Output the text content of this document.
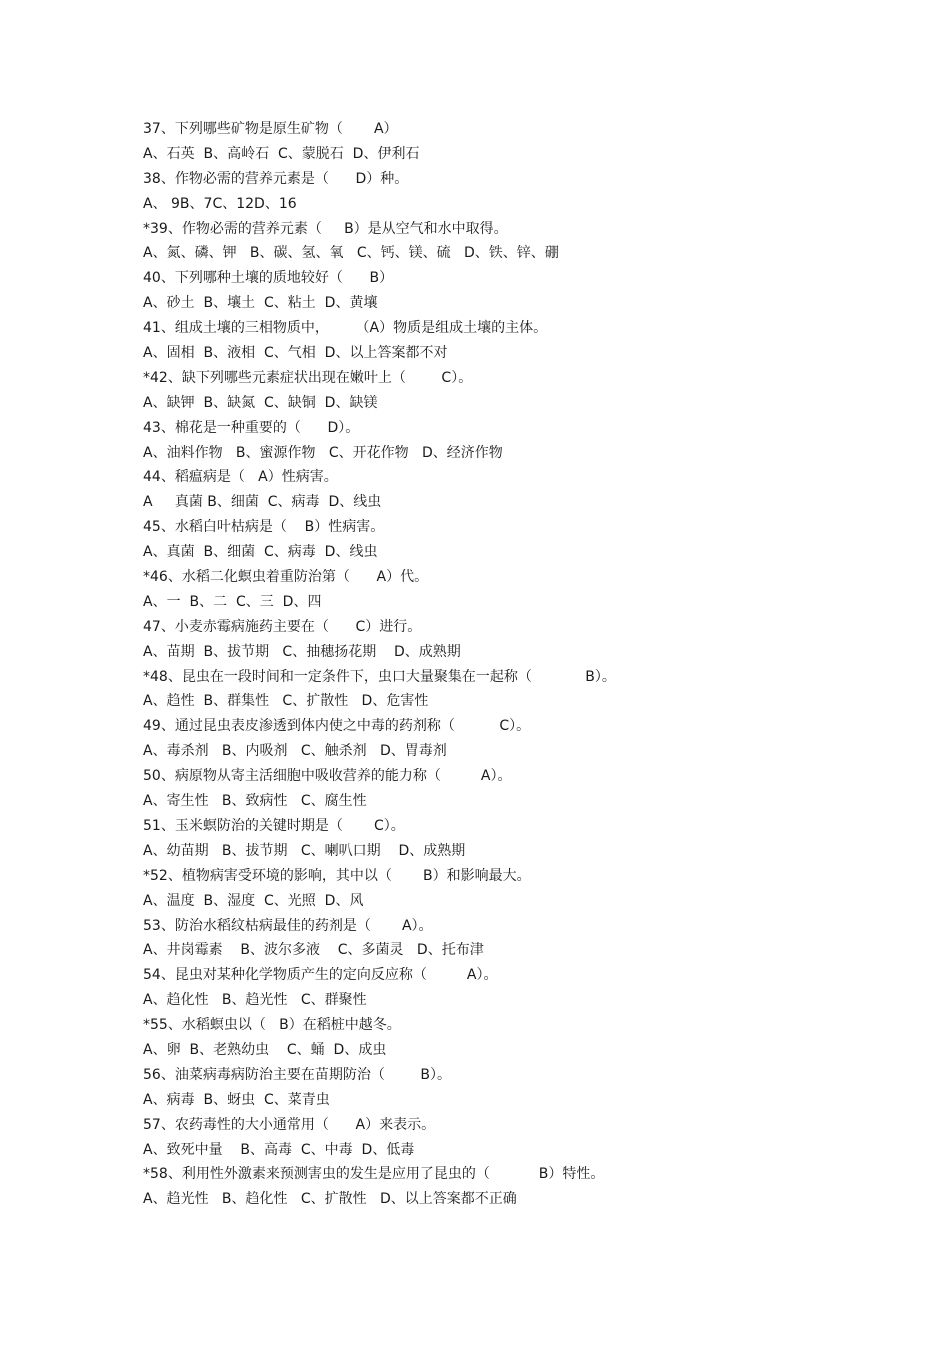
37、下列哪些矿物是原生矿物（       A）
A、石英  B、高岭石  C、蒙脱石  D、伊利石
38、作物必需的营养元素是（      D）种。
A、 9B、7C、12D、16
*39、作物必需的营养元素（     B）是从空气和水中取得。
A、氮、磷、钾   B、碳、氢、氧   C、钙、镁、硫   D、铁、锌、硼
40、下列哪种土壤的质地较好（      B）
A、砂土  B、壤土  C、粘土  D、黄壤
41、组成土壤的三相物质中，      （A）物质是组成土壤的主体。
A、固相  B、液相  C、气相  D、以上答案都不对
*42、缺下列哪些元素症状出现在嫩叶上（        C）。
A、缺钾  B、缺氮  C、缺铜  D、缺镁
43、棉花是一种重要的（      D）。
A、油料作物   B、蜜源作物   C、开花作物   D、经济作物
44、稻瘟病是（   A）性病害。
A     真菌 B、细菌  C、病毒  D、线虫
45、水稻白叶枯病是（    B）性病害。
A、真菌  B、细菌  C、病毒  D、线虫
*46、水稻二化螟虫着重防治第（      A）代。
A、一  B、二  C、三  D、四
47、小麦赤霉病施药主要在（      C）进行。
A、苗期  B、拔节期   C、抽穗扬花期    D、成熟期
*48、昆虫在一段时间和一定条件下，虫口大量聚集在一起称（            B）。
A、趋性  B、群集性   C、扩散性   D、危害性
49、通过昆虫表皮渗透到体内使之中毒的药剂称（          C）。
A、毒杀剂   B、内吸剂   C、触杀剂   D、胃毒剂
50、病原物从寄主活细胞中吸收营养的能力称（         A）。
A、寄生性   B、致病性   C、腐生性
51、玉米螟防治的关键时期是（       C）。
A、幼苗期   B、拔节期   C、喇叭口期    D、成熟期
*52、植物病害受环境的影响，其中以（       B）和影响最大。
A、温度  B、湿度  C、光照  D、风
53、防治水稻纹枯病最佳的药剂是（       A）。
A、井岗霉素    B、波尔多液    C、多菌灵   D、托布津
54、昆虫对某种化学物质产生的定向反应称（         A）。
A、趋化性   B、趋光性   C、群聚性
*55、水稻螟虫以（   B）在稻桩中越冬。
A、卵  B、老熟幼虫    C、蛹  D、成虫
56、油菜病毒病防治主要在苗期防治（        B）。
A、病毒  B、蚜虫  C、菜青虫
57、农药毒性的大小通常用（      A）来表示。
A、致死中量    B、高毒  C、中毒  D、低毒
*58、利用性外激素来预测害虫的发生是应用了昆虫的（           B）特性。
A、趋光性   B、趋化性   C、扩散性   D、以上答案都不正确
